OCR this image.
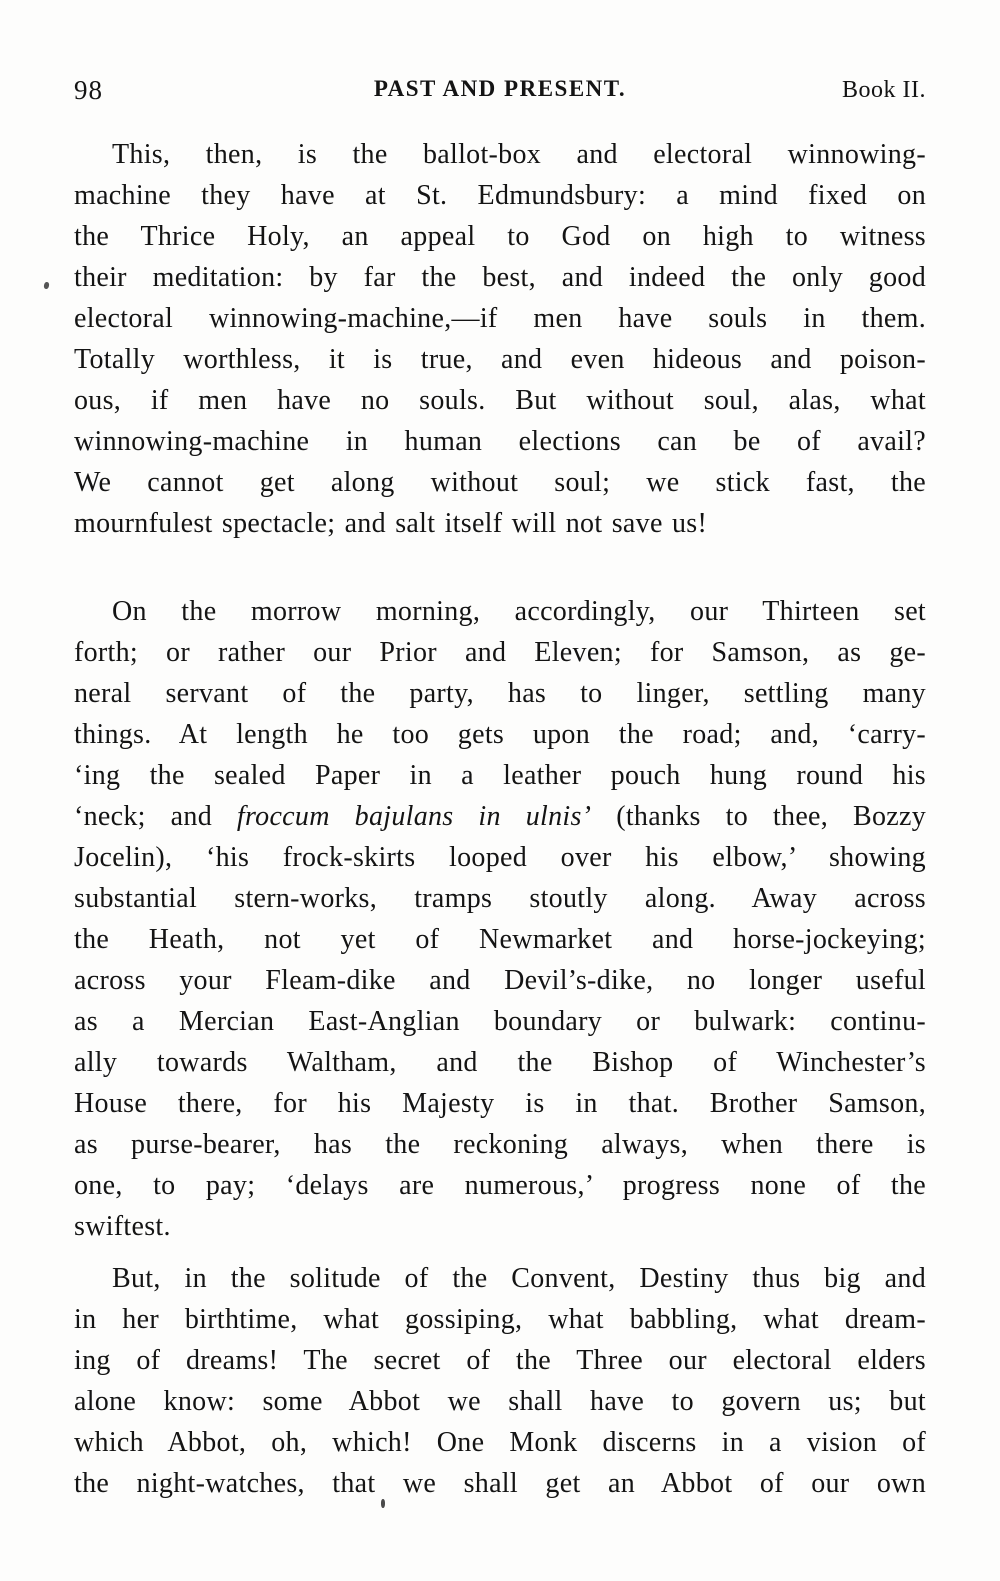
98	PAST AND PRESENT.	Book II.
This, then, is the ballot-box and electoral winnowing-
machine they have at St. Edmundsbury: a mind fixed on
the Thrice Holy, an appeal to God on high to witness
their meditation: by far the best, and indeed the only good
electoral winnowing-machine,—if men have souls in them.
Totally worthless, it is true, and even hideous and poison-
ous, if men have no souls. But without soul, alas, what
winnowing-machine in human elections can be of avail?
We cannot get along without soul; we stick fast, the
mournfulest spectacle; and salt itself will not save us!
On the morrow morning, accordingly, our Thirteen set
forth; or rather our Prior and Eleven; for Samson, as ge-
neral servant of the party, has to linger, settling many
things. At length he too gets upon the road; and, ‘carry-
‘ing the sealed Paper in a leather pouch hung round his
‘neck; and froccum bajulans in ulnis’ (thanks to thee, Bozzy
Jocelin), ‘his frock-skirts looped over his elbow,’ showing
substantial stern-works, tramps stoutly along. Away across
the Heath, not yet of Newmarket and horse-jockeying;
across your Fleam-dike and Devil’s-dike, no longer useful
as a Mercian East-Anglian boundary or bulwark: continu-
ally towards Waltham, and the Bishop of Winchester’s
House there, for his Majesty is in that. Brother Samson,
as purse-bearer, has the reckoning always, when there is
one, to pay; ‘delays are numerous,’ progress none of the
swiftest.
But, in the solitude of the Convent, Destiny thus big and
in her birthtime, what gossiping, what babbling, what dream-
ing of dreams! The secret of the Three our electoral elders
alone know: some Abbot we shall have to govern us; but
which Abbot, oh, which! One Monk discerns in a vision of
the night-watches, that we shall get an Abbot of our own
